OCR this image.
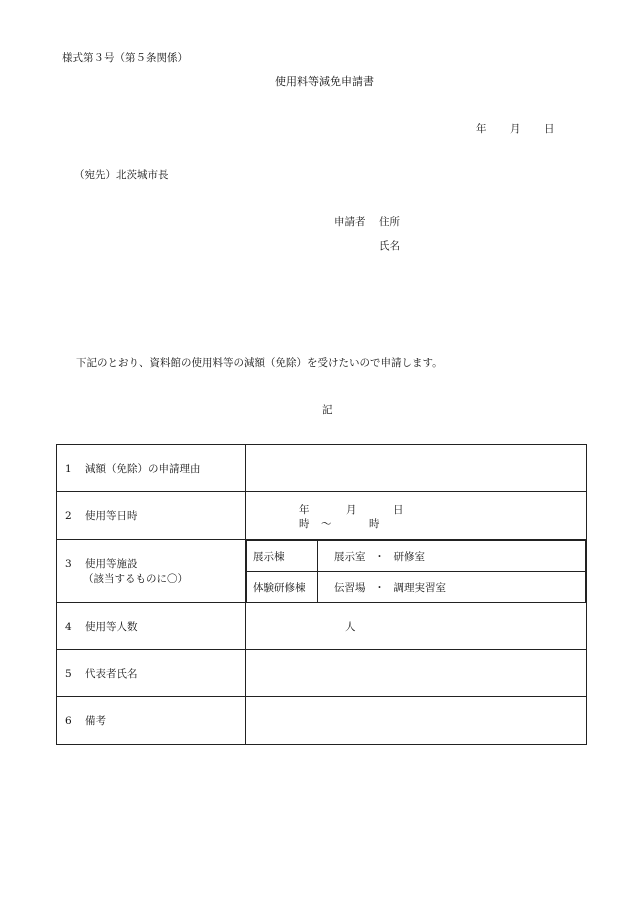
様式第３号（第５条関係）
使用料等減免申請書
年 月 日
（宛先）北茨城市長
申請者 住所
氏名
下記のとおり、資料館の使用料等の減額（免除）を受けたいので申請します。
記
1 減額（免除）の申請理由	
2 使用等日時	
年	月	日
時 ～	時

3 使用等施設
（該当するものに〇）

展示棟	展示室 ・ 研修室
体験研修棟	伝習場 ・ 調理実習室

4 使用等人数	人
5 代表者氏名	
6 備考	
